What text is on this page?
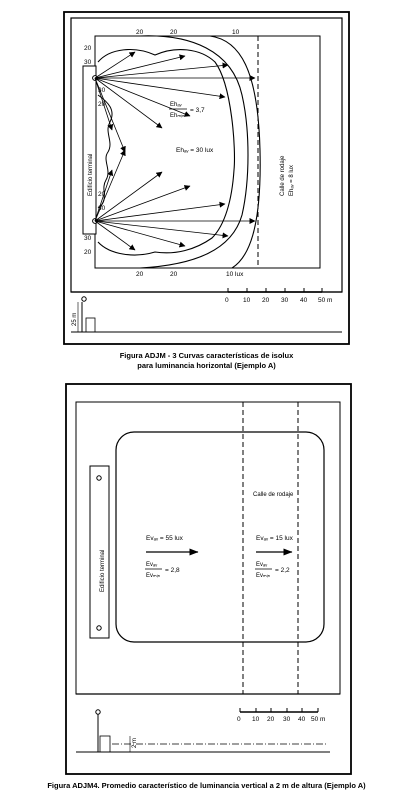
20	20	10
20	20	10 lux
20
30
30
20
20
30
30
20
Ehₐᵥ
Ehₘᵢₙ
= 3,7
Ehₐᵥ = 30 lux
Edificio terminal	Calle de rodaje Ehₐᵥ = 8 lux
25 m
0 10 20 30 40 50 m
Calle de rodaje
Edificio terminal
Evₐᵥ = 55 lux
Evₐᵥ
Evₘᵢₙ
= 2,8
Evₐᵥ = 15 lux
Evₐᵥ
Evₘᵢₙ
= 2,2
0 10 20 30 40 50 m
2 m
Figura ADJM - 3 Curvas características de isolux
para luminancia horizontal (Ejemplo A)
Figura ADJM4. Promedio característico de luminancia vertical a 2 m de altura (Ejemplo A)
